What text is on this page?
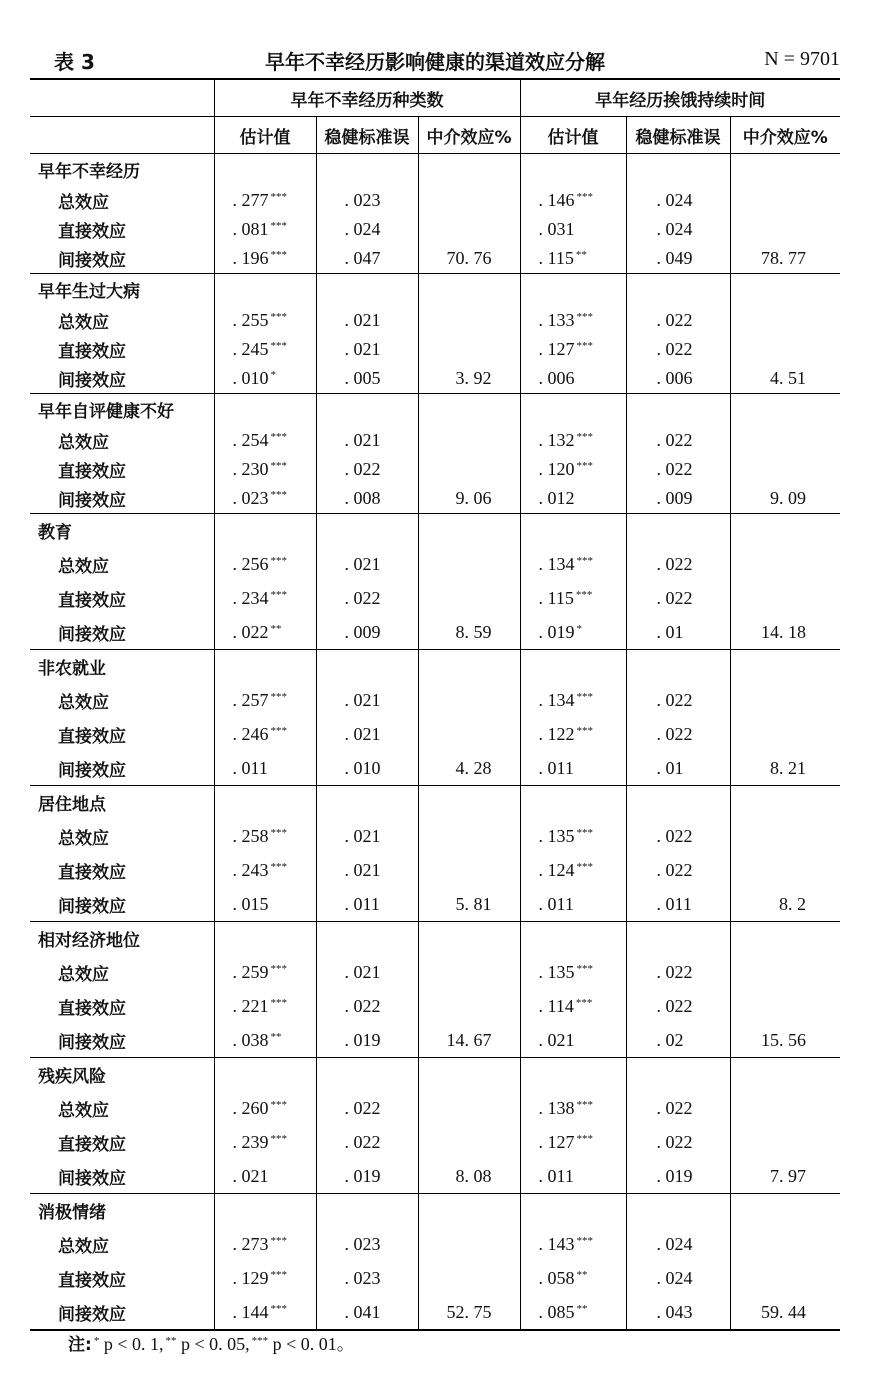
表 3	早年不幸经历影响健康的渠道效应分解	N = 9701
	早年不幸经历种类数			早年经历挨饿持续时间		
	估计值	稳健标准误	中介效应%	估计值	稳健标准误	中介效应%
早年不幸经历						
总效应	. 277 ***	. 023		. 146 ***	. 024	
直接效应	. 081 ***	. 024		. 031	. 024	
间接效应	. 196 ***	. 047	70. 76	. 115 **	. 049	78. 77
早年生过大病						
总效应	. 255 ***	. 021		. 133 ***	. 022	
直接效应	. 245 ***	. 021		. 127 ***	. 022	
间接效应	. 010 *	. 005	3. 92	. 006	. 006	4. 51
早年自评健康不好						
总效应	. 254 ***	. 021		. 132 ***	. 022	
直接效应	. 230 ***	. 022		. 120 ***	. 022	
间接效应	. 023 ***	. 008	9. 06	. 012	. 009	9. 09
教育						
总效应	. 256 ***	. 021		. 134 ***	. 022	
直接效应	. 234 ***	. 022		. 115 ***	. 022	
间接效应	. 022 **	. 009	8. 59	. 019 *	. 01	14. 18
非农就业						
总效应	. 257 ***	. 021		. 134 ***	. 022	
直接效应	. 246 ***	. 021		. 122 ***	. 022	
间接效应	. 011	. 010	4. 28	. 011	. 01	8. 21
居住地点						
总效应	. 258 ***	. 021		. 135 ***	. 022	
直接效应	. 243 ***	. 021		. 124 ***	. 022	
间接效应	. 015	. 011	5. 81	. 011	. 011	8. 2
相对经济地位						
总效应	. 259 ***	. 021		. 135 ***	. 022	
直接效应	. 221 ***	. 022		. 114 ***	. 022	
间接效应	. 038 **	. 019	14. 67	. 021	. 02	15. 56
残疾风险						
总效应	. 260 ***	. 022		. 138 ***	. 022	
直接效应	. 239 ***	. 022		. 127 ***	. 022	
间接效应	. 021	. 019	8. 08	. 011	. 019	7. 97
消极情绪						
总效应	. 273 ***	. 023		. 143 ***	. 024	
直接效应	. 129 ***	. 023		. 058 **	. 024	
间接效应	. 144 ***	. 041	52. 75	. 085 **	. 043	59. 44
注: * p < 0. 1, ** p < 0. 05, *** p < 0. 01。
